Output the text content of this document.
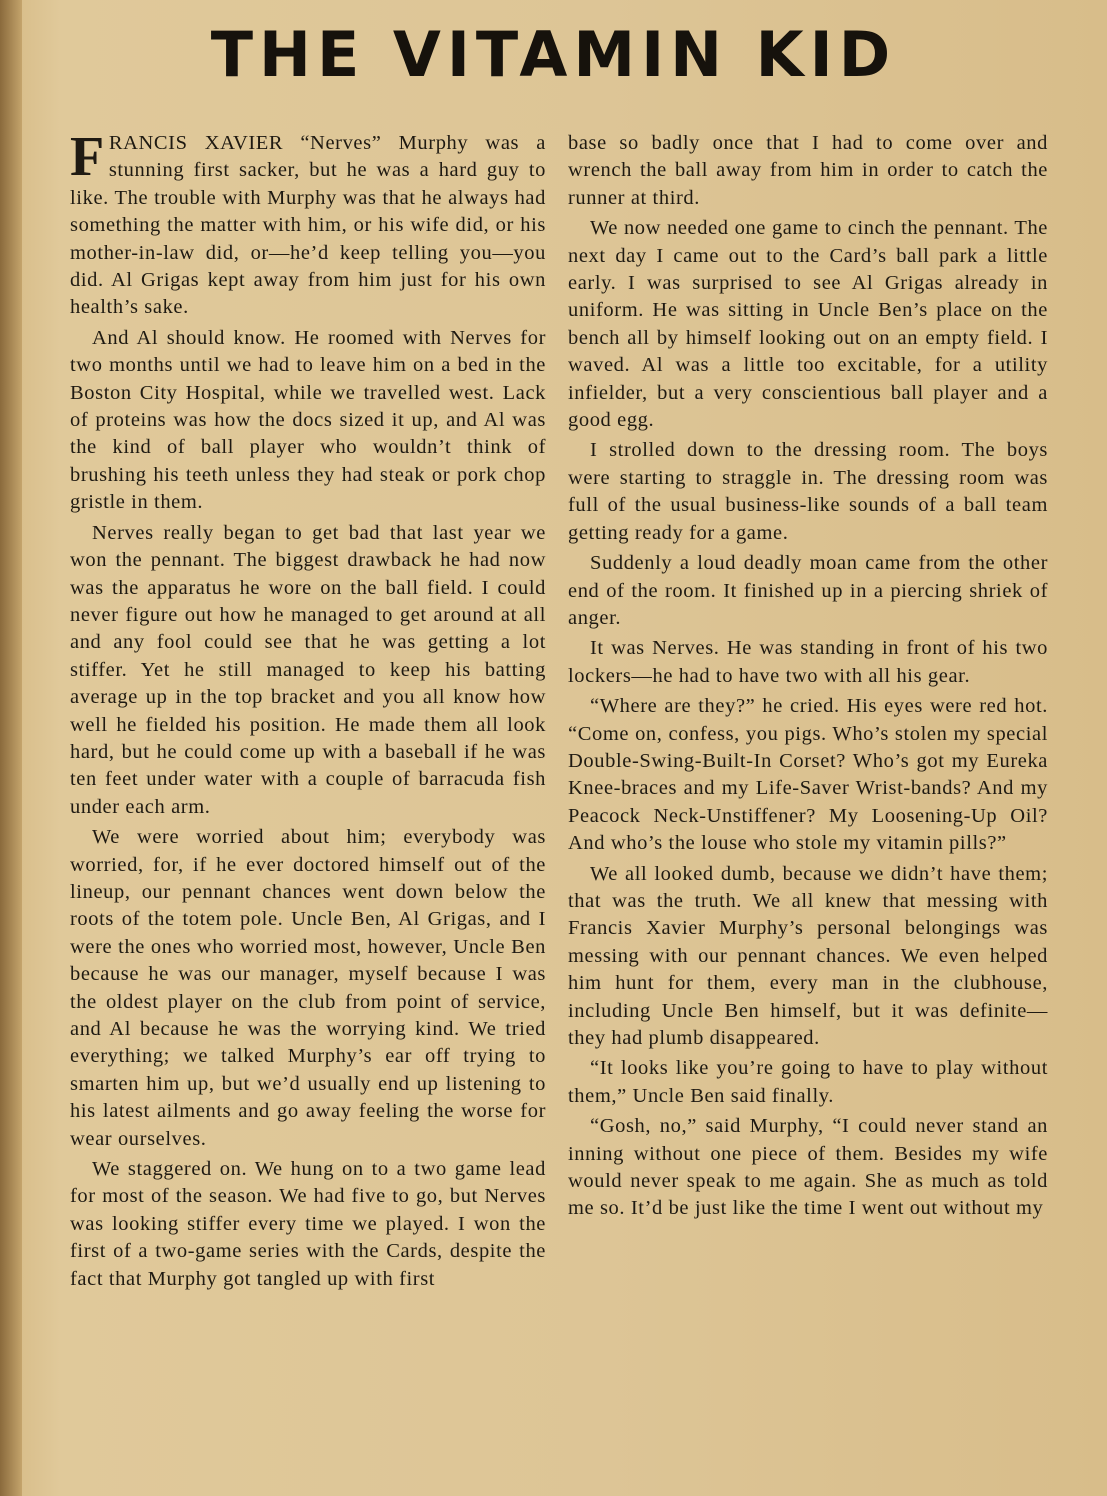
THE VITAMIN KID

FRANCIS XAVIER “Nerves” Murphy was a stunning first sacker, but he was a hard guy to like. The trouble with Murphy was that he always had something the matter with him, or his wife did, or his mother-in-law did, or—he’d keep telling you—you did. Al Grigas kept away from him just for his own health’s sake.

And Al should know. He roomed with Nerves for two months until we had to leave him on a bed in the Boston City Hospital, while we travelled west. Lack of proteins was how the docs sized it up, and Al was the kind of ball player who wouldn’t think of brushing his teeth unless they had steak or pork chop gristle in them.

Nerves really began to get bad that last year we won the pennant. The biggest drawback he had now was the apparatus he wore on the ball field. I could never figure out how he managed to get around at all and any fool could see that he was getting a lot stiffer. Yet he still managed to keep his batting average up in the top bracket and you all know how well he fielded his position. He made them all look hard, but he could come up with a baseball if he was ten feet under water with a couple of barracuda fish under each arm.

We were worried about him; everybody was worried, for, if he ever doctored himself out of the lineup, our pennant chances went down below the roots of the totem pole. Uncle Ben, Al Grigas, and I were the ones who worried most, however, Uncle Ben because he was our manager, myself because I was the oldest player on the club from point of service, and Al because he was the worrying kind. We tried everything; we talked Murphy’s ear off trying to smarten him up, but we’d usually end up listening to his latest ailments and go away feeling the worse for wear ourselves.

We staggered on. We hung on to a two game lead for most of the season. We had five to go, but Nerves was looking stiffer every time we played. I won the first of a two-game series with the Cards, despite the fact that Murphy got tangled up with first

base so badly once that I had to come over and wrench the ball away from him in order to catch the runner at third.

We now needed one game to cinch the pennant. The next day I came out to the Card’s ball park a little early. I was surprised to see Al Grigas already in uniform. He was sitting in Uncle Ben’s place on the bench all by himself looking out on an empty field. I waved. Al was a little too excitable, for a utility infielder, but a very conscientious ball player and a good egg.

I strolled down to the dressing room. The boys were starting to straggle in. The dressing room was full of the usual business-like sounds of a ball team getting ready for a game.

Suddenly a loud deadly moan came from the other end of the room. It finished up in a piercing shriek of anger.

It was Nerves. He was standing in front of his two lockers—he had to have two with all his gear.

“Where are they?” he cried. His eyes were red hot. “Come on, confess, you pigs. Who’s stolen my special Double-Swing-Built-In Corset? Who’s got my Eureka Knee-braces and my Life-Saver Wrist-bands? And my Peacock Neck-Unstiffener? My Loosening-Up Oil? And who’s the louse who stole my vitamin pills?”

We all looked dumb, because we didn’t have them; that was the truth. We all knew that messing with Francis Xavier Murphy’s personal belongings was messing with our pennant chances. We even helped him hunt for them, every man in the clubhouse, including Uncle Ben himself, but it was definite—they had plumb disappeared.

“It looks like you’re going to have to play without them,” Uncle Ben said finally.

“Gosh, no,” said Murphy, “I could never stand an inning without one piece of them. Besides my wife would never speak to me again. She as much as told me so. It’d be just like the time I went out without my
